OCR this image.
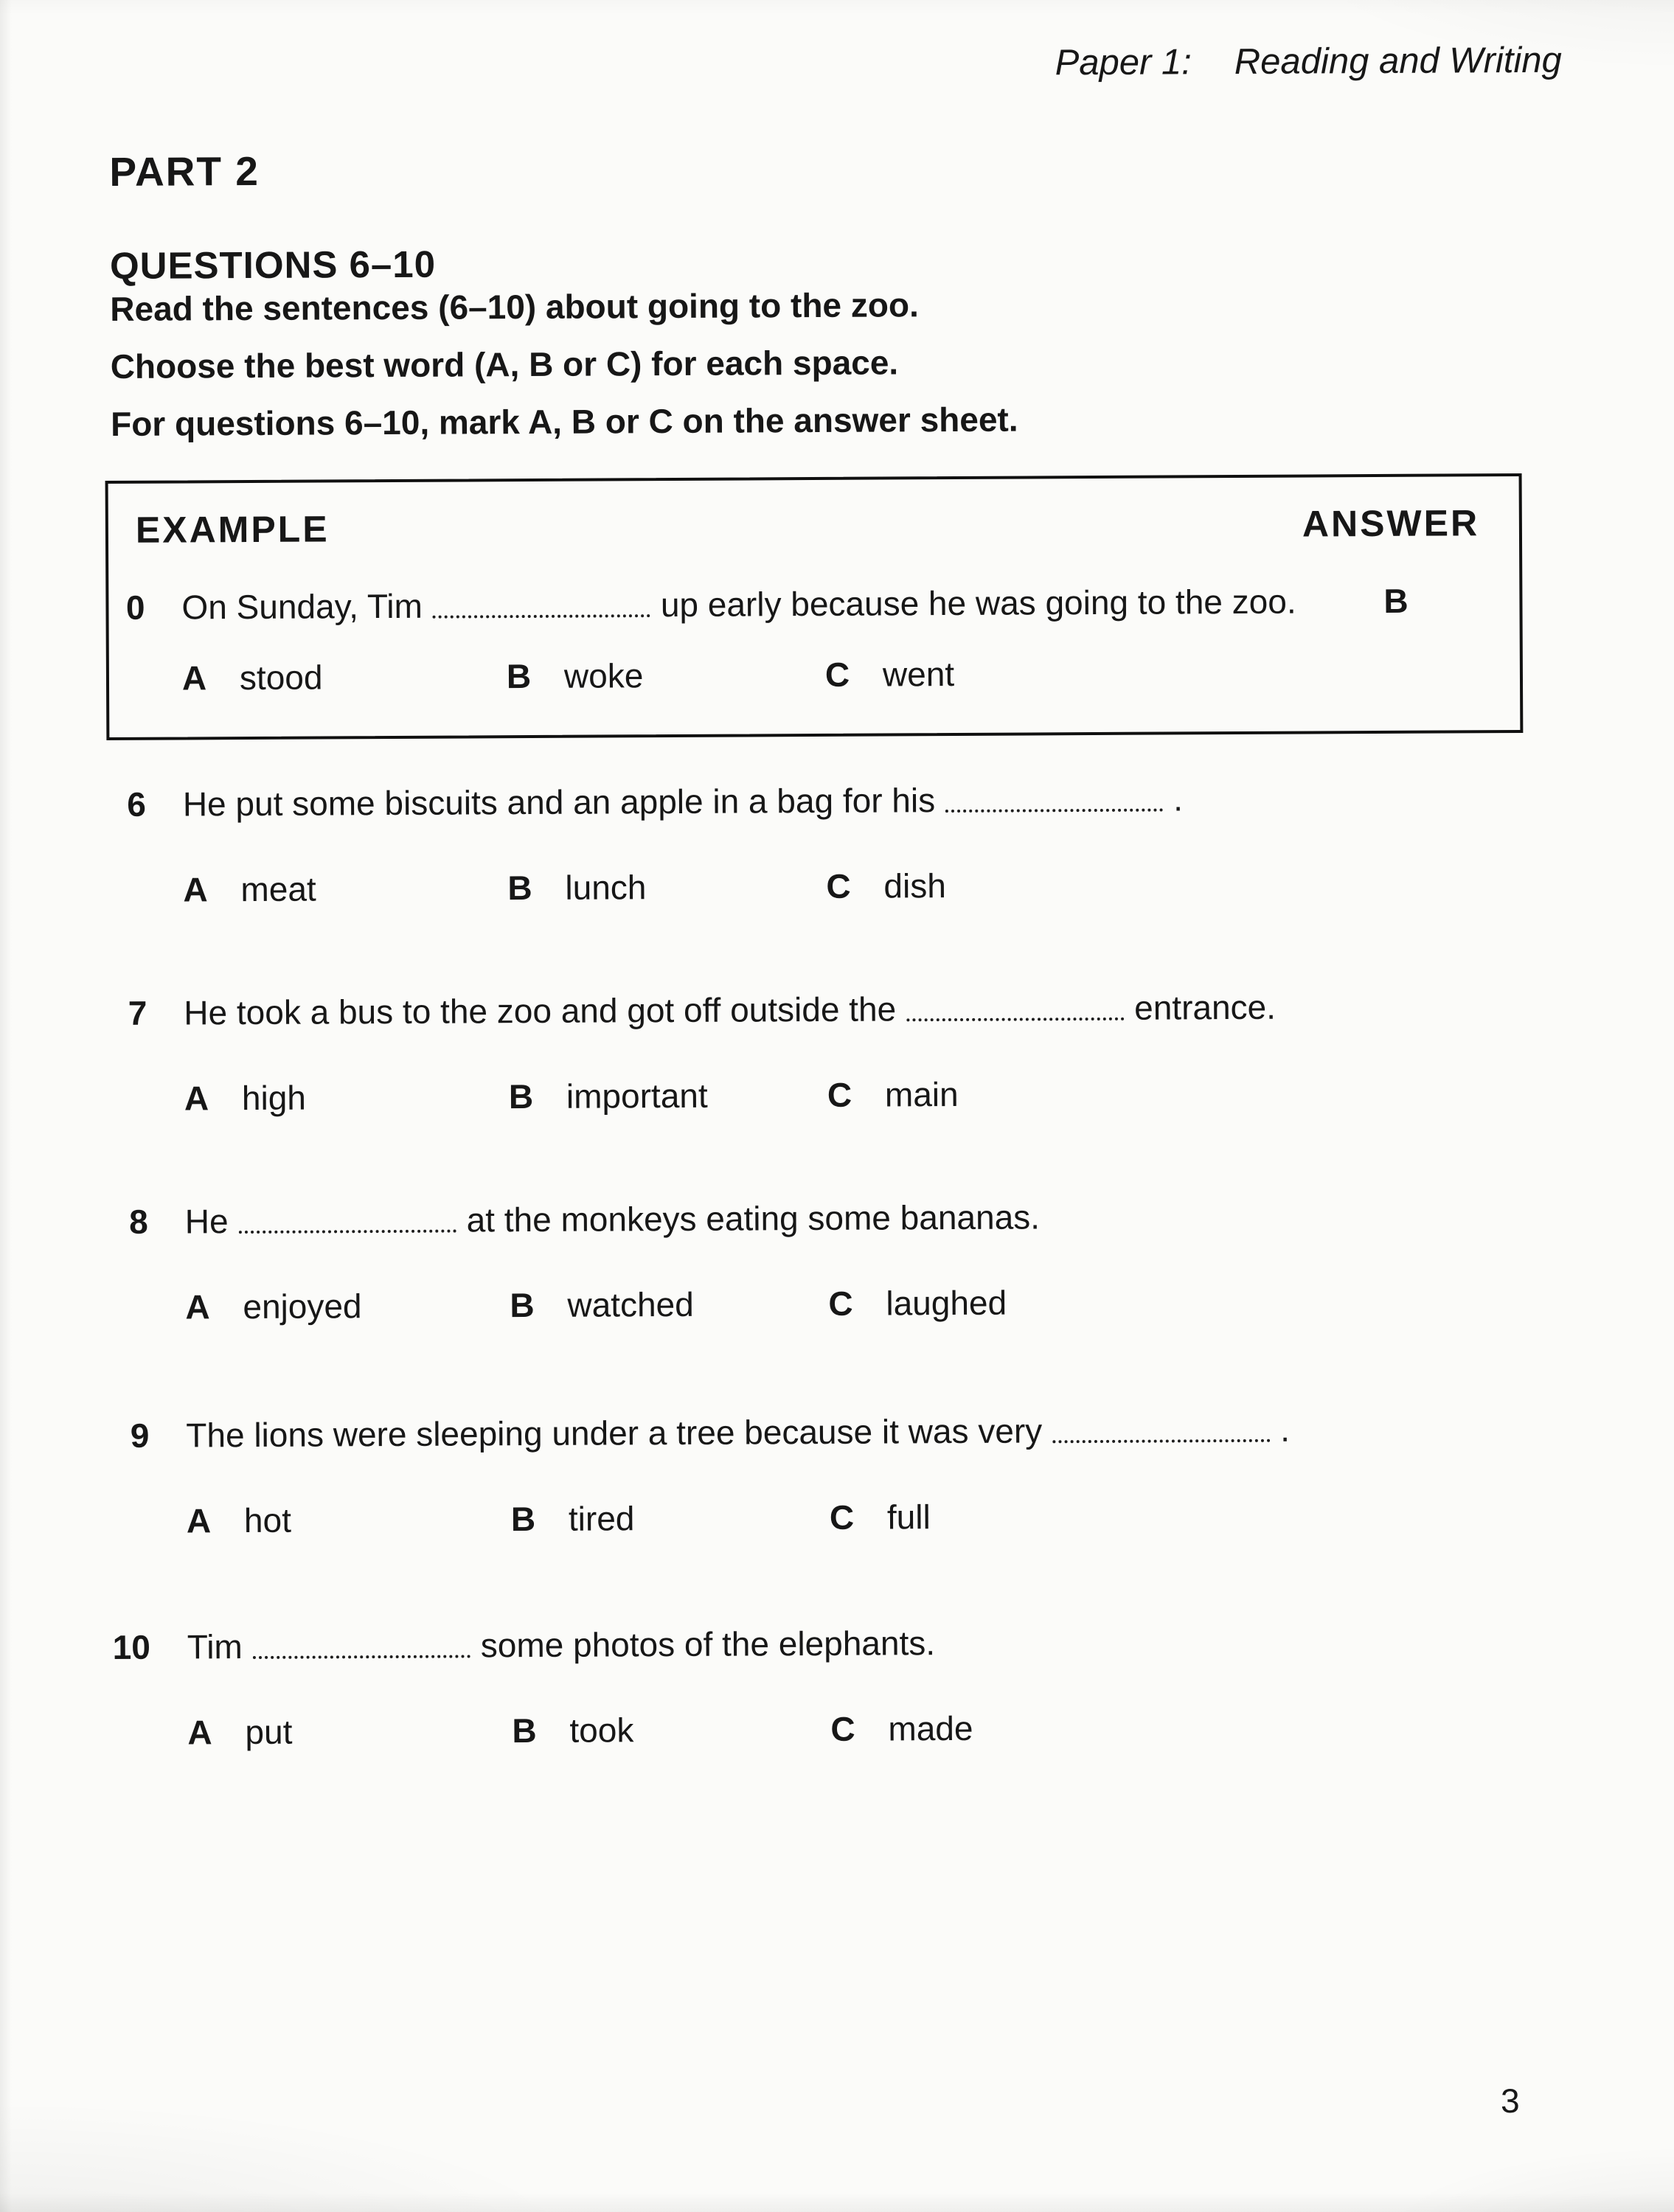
Paper 1: Reading and Writing
PART 2
QUESTIONS 6–10

Read the sentences (6–10) about going to the zoo.

Choose the best word (A, B or C) for each space.

For questions 6–10, mark A, B or C on the answer sheet.

EXAMPLE	ANSWER
0 On Sunday, Tim	up early because he was going to the zoo.	B
A stood	B woke	C went
6 He put some biscuits and an apple in a bag for his	.
A meat	B lunch	C dish
7 He took a bus to the zoo and got off outside the	entrance.
A high	B important	C main
8 He	at the monkeys eating some bananas.
A enjoyed	B watched	C laughed
9 The lions were sleeping under a tree because it was very	.
A hot	B tired	C full
10 Tim	some photos of the elephants.
A put	B took	C made
3
